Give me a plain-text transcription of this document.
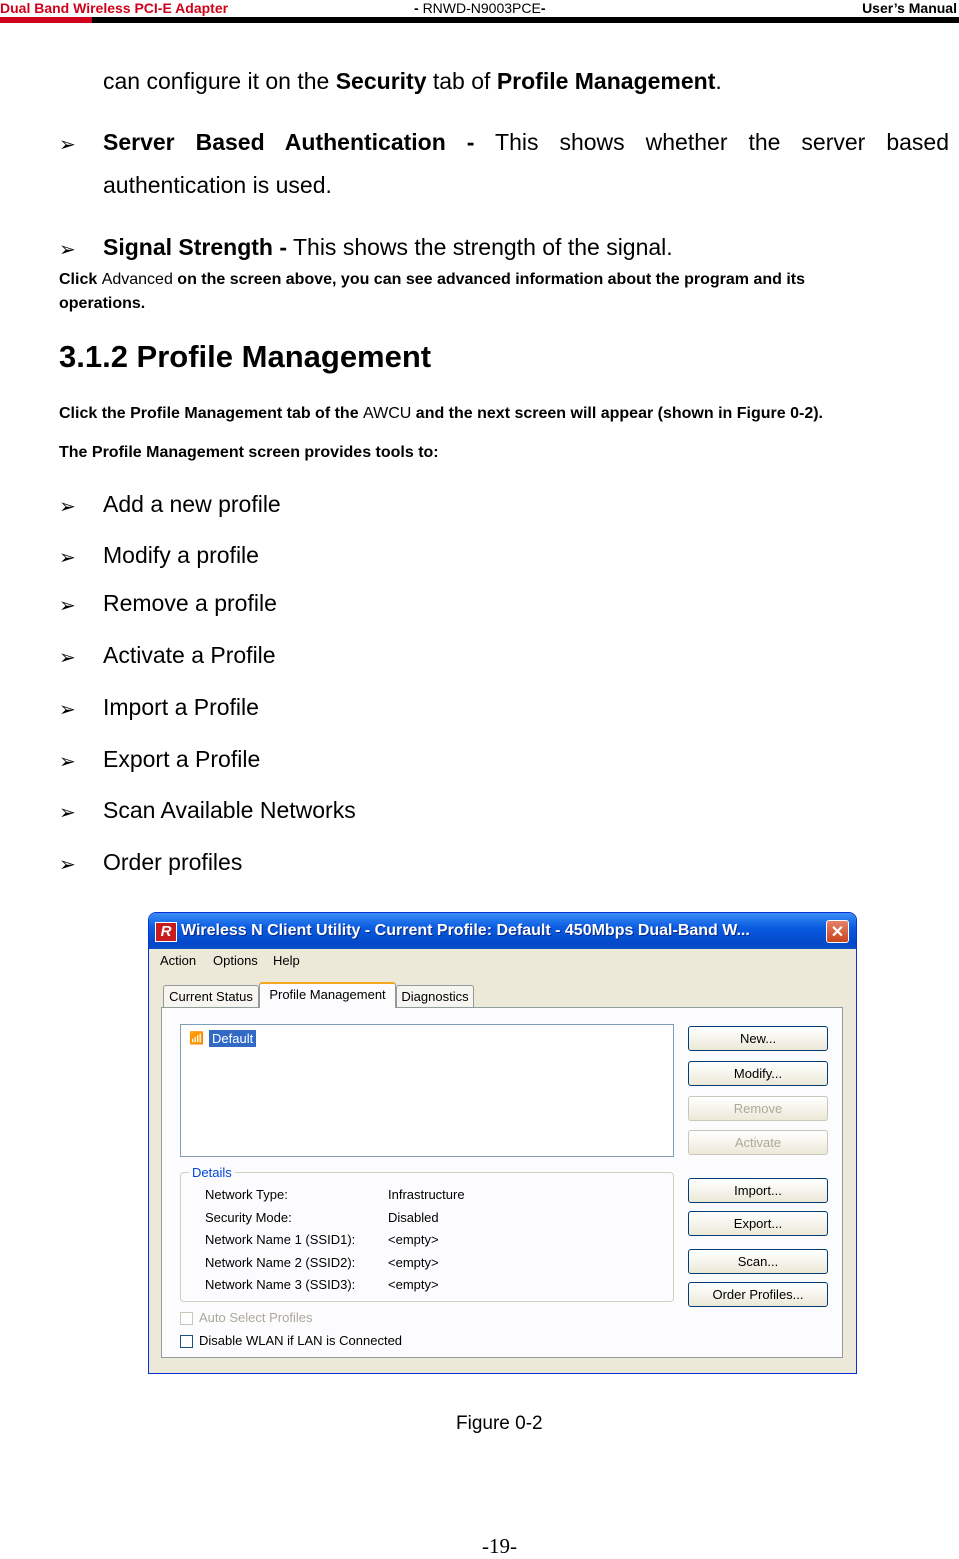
Dual Band Wireless PCI-E Adapter	- RNWD-N9003PCE-	User’s Manual
can configure it on the Security tab of Profile Management.
➢ Server Based Authentication - This shows whether the server based
authentication is used.
➢ Signal Strength - This shows the strength of the signal.
Click Advanced on the screen above, you can see advanced information about the program and its
operations.
3.1.2 Profile Management
Click the Profile Management tab of the AWCU and the next screen will appear (shown in Figure 0-2).
The Profile Management screen provides tools to:
➢ Add a new profile
➢ Modify a profile
➢ Remove a profile
➢ Activate a Profile
➢ Import a Profile
➢ Export a Profile
➢ Scan Available Networks
➢ Order profiles
R Wireless N Client Utility - Current Profile: Default - 450Mbps Dual-Band W...	✕
Action Options Help
Current Status	Profile Management	Diagnostics
📶 Default	New...
Modify...
Remove
Activate
Import...
Export...
Scan...
Order Profiles...
Details
Network Type:	Infrastructure
Security Mode:	Disabled
Network Name 1 (SSID1):	<empty>
Network Name 2 (SSID2):	<empty>
Network Name 3 (SSID3):	<empty>
Auto Select Profiles
Disable WLAN if LAN is Connected
Figure 0-2
-19-
